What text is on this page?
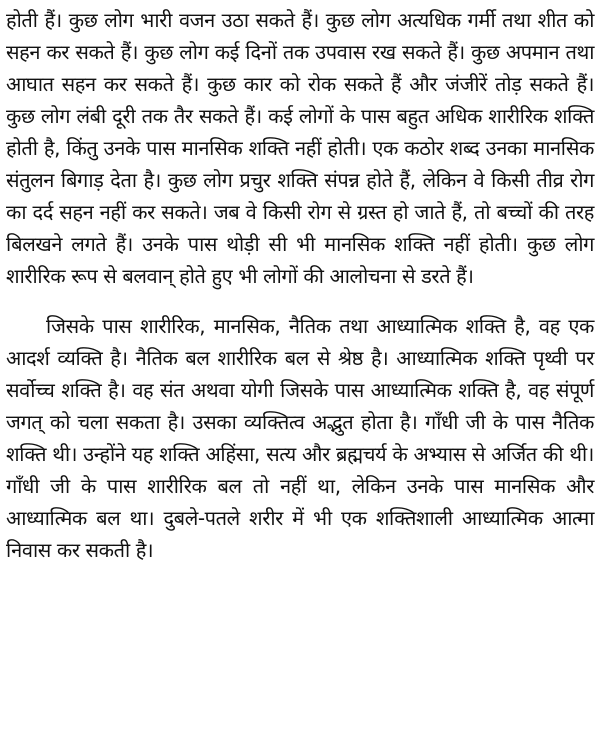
होती हैं। कुछ लोग भारी वजन उठा सकते हैं। कुछ लोग अत्यधिक गर्मी तथा शीत को सहन कर सकते हैं। कुछ लोग कई दिनों तक उपवास रख सकते हैं। कुछ अपमान तथा आघात सहन कर सकते हैं। कुछ कार को रोक सकते हैं और जंजीरें तोड़ सकते हैं। कुछ लोग लंबी दूरी तक तैर सकते हैं। कई लोगों के पास बहुत अधिक शारीरिक शक्ति होती है, किंतु उनके पास मानसिक शक्ति नहीं होती। एक कठोर शब्द उनका मानसिक संतुलन बिगाड़ देता है। कुछ लोग प्रचुर शक्ति संपन्न होते हैं, लेकिन वे किसी तीव्र रोग का दर्द सहन नहीं कर सकते। जब वे किसी रोग से ग्रस्त हो जाते हैं, तो बच्चों की तरह बिलखने लगते हैं। उनके पास थोड़ी सी भी मानसिक शक्ति नहीं होती। कुछ लोग शारीरिक रूप से बलवान् होते हुए भी लोगों की आलोचना से डरते हैं।

जिसके पास शारीरिक, मानसिक, नैतिक तथा आध्यात्मिक शक्ति है, वह एक आदर्श व्यक्ति है। नैतिक बल शारीरिक बल से श्रेष्ठ है। आध्यात्मिक शक्ति पृथ्वी पर सर्वोच्च शक्ति है। वह संत अथवा योगी जिसके पास आध्यात्मिक शक्ति है, वह संपूर्ण जगत् को चला सकता है। उसका व्यक्तित्व अद्भुत होता है। गाँधी जी के पास नैतिक शक्ति थी। उन्होंने यह शक्ति अहिंसा, सत्य और ब्रह्मचर्य के अभ्यास से अर्जित की थी। गाँधी जी के पास शारीरिक बल तो नहीं था, लेकिन उनके पास मानसिक और आध्यात्मिक बल था। दुबले-पतले शरीर में भी एक शक्तिशाली आध्यात्मिक आत्मा निवास कर सकती है।
